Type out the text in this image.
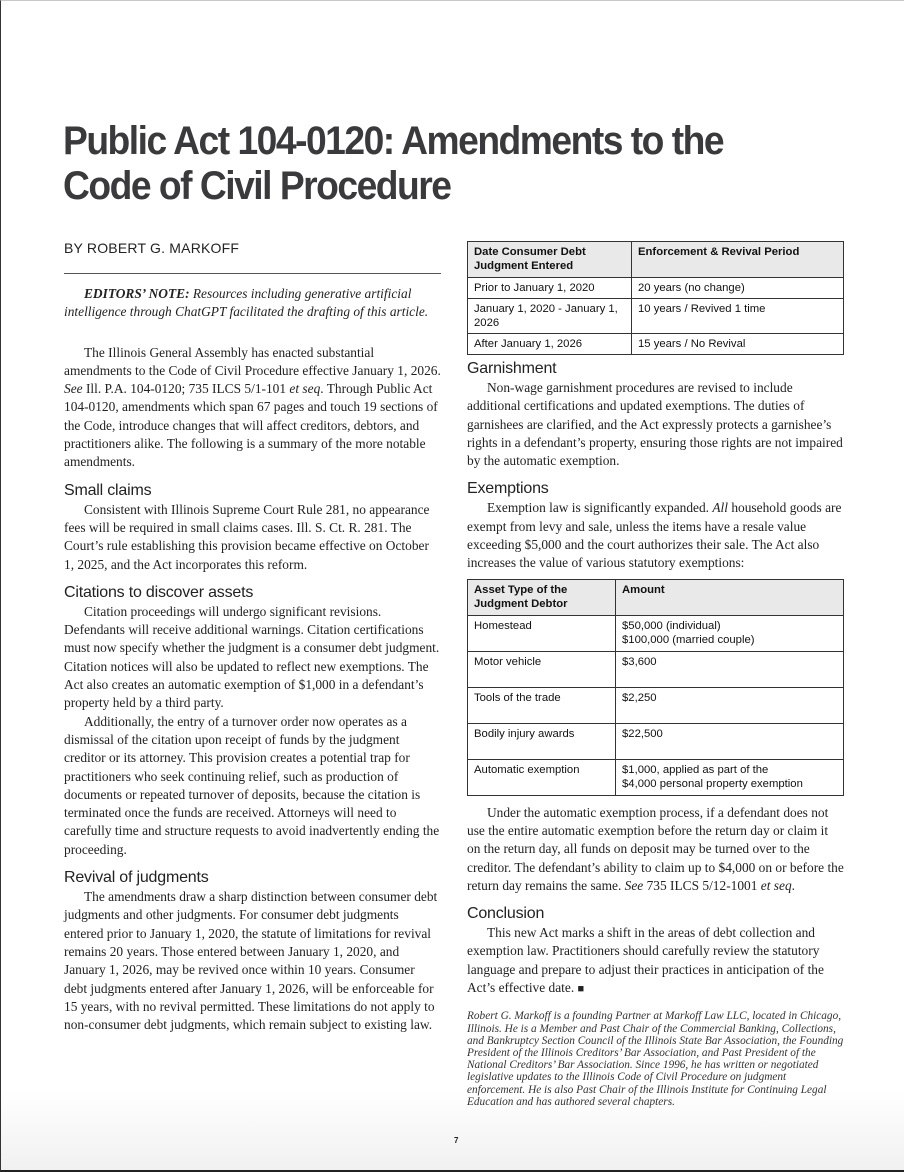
Public Act 104-0120: Amendments to the Code of Civil Procedure
BY ROBERT G. MARKOFF

EDITORS’ NOTE: Resources including generative artificial intelligence through ChatGPT facilitated the drafting of this article.

The Illinois General Assembly has enacted substantial amendments to the Code of Civil Procedure effective January 1, 2026. See Ill. P.A. 104-0120; 735 ILCS 5/1-101 et seq. Through Public Act 104-0120, amendments which span 67 pages and touch 19 sections of the Code, introduce changes that will affect creditors, debtors, and practitioners alike. The following is a summary of the more notable amendments.

Small claims

Consistent with Illinois Supreme Court Rule 281, no appearance fees will be required in small claims cases. Ill. S. Ct. R. 281. The Court’s rule establishing this provision became effective on October 1, 2025, and the Act incorporates this reform.

Citations to discover assets

Citation proceedings will undergo significant revisions. Defendants will receive additional warnings. Citation certifications must now specify whether the judgment is a consumer debt judgment. Citation notices will also be updated to reflect new exemptions. The Act also creates an automatic exemption of $1,000 in a defendant’s property held by a third party.

Additionally, the entry of a turnover order now operates as a dismissal of the citation upon receipt of funds by the judgment creditor or its attorney. This provision creates a potential trap for practitioners who seek continuing relief, such as production of documents or repeated turnover of deposits, because the citation is terminated once the funds are received. Attorneys will need to carefully time and structure requests to avoid inadvertently ending the proceeding.

Revival of judgments

The amendments draw a sharp distinction between consumer debt judgments and other judgments. For consumer debt judgments entered prior to January 1, 2020, the statute of limitations for revival remains 20 years. Those entered between January 1, 2020, and January 1, 2026, may be revived once within 10 years. Consumer debt judgments entered after January 1, 2026, will be enforceable for 15 years, with no revival permitted. These limitations do not apply to non-consumer debt judgments, which remain subject to existing law.

Date Consumer Debt Judgment Entered	Enforcement & Revival Period
Prior to January 1, 2020	20 years (no change)
January 1, 2020 - January 1, 2026	10 years / Revived 1 time
After January 1, 2026	15 years / No Revival
Garnishment

Non-wage garnishment procedures are revised to include additional certifications and updated exemptions. The duties of garnishees are clarified, and the Act expressly protects a garnishee’s rights in a defendant’s property, ensuring those rights are not impaired by the automatic exemption.

Exemptions

Exemption law is significantly expanded. All household goods are exempt from levy and sale, unless the items have a resale value exceeding $5,000 and the court authorizes their sale. The Act also increases the value of various statutory exemptions:

Asset Type of the Judgment Debtor	Amount
Homestead	$50,000 (individual)
$100,000 (married couple)

Motor vehicle	$3,600
Tools of the trade	$2,250
Bodily injury awards	$22,500
Automatic exemption	$1,000, applied as part of the
$4,000 personal property exemption

Under the automatic exemption process, if a defendant does not use the entire automatic exemption before the return day or claim it on the return day, all funds on deposit may be turned over to the creditor. The defendant’s ability to claim up to $4,000 on or before the return day remains the same. See 735 ILCS 5/12-1001 et seq.

Conclusion

This new Act marks a shift in the areas of debt collection and exemption law. Practitioners should carefully review the statutory language and prepare to adjust their practices in anticipation of the Act’s effective date. ■

Robert G. Markoff is a founding Partner at Markoff Law LLC, located in Chicago, Illinois. He is a Member and Past Chair of the Commercial Banking, Collections, and Bankruptcy Section Council of the Illinois State Bar Association, the Founding President of the Illinois Creditors’ Bar Association, and Past President of the National Creditors’ Bar Association. Since 1996, he has written or negotiated legislative updates to the Illinois Code of Civil Procedure on judgment enforcement. He is also Past Chair of the Illinois Institute for Continuing Legal Education and has authored several chapters.

7
